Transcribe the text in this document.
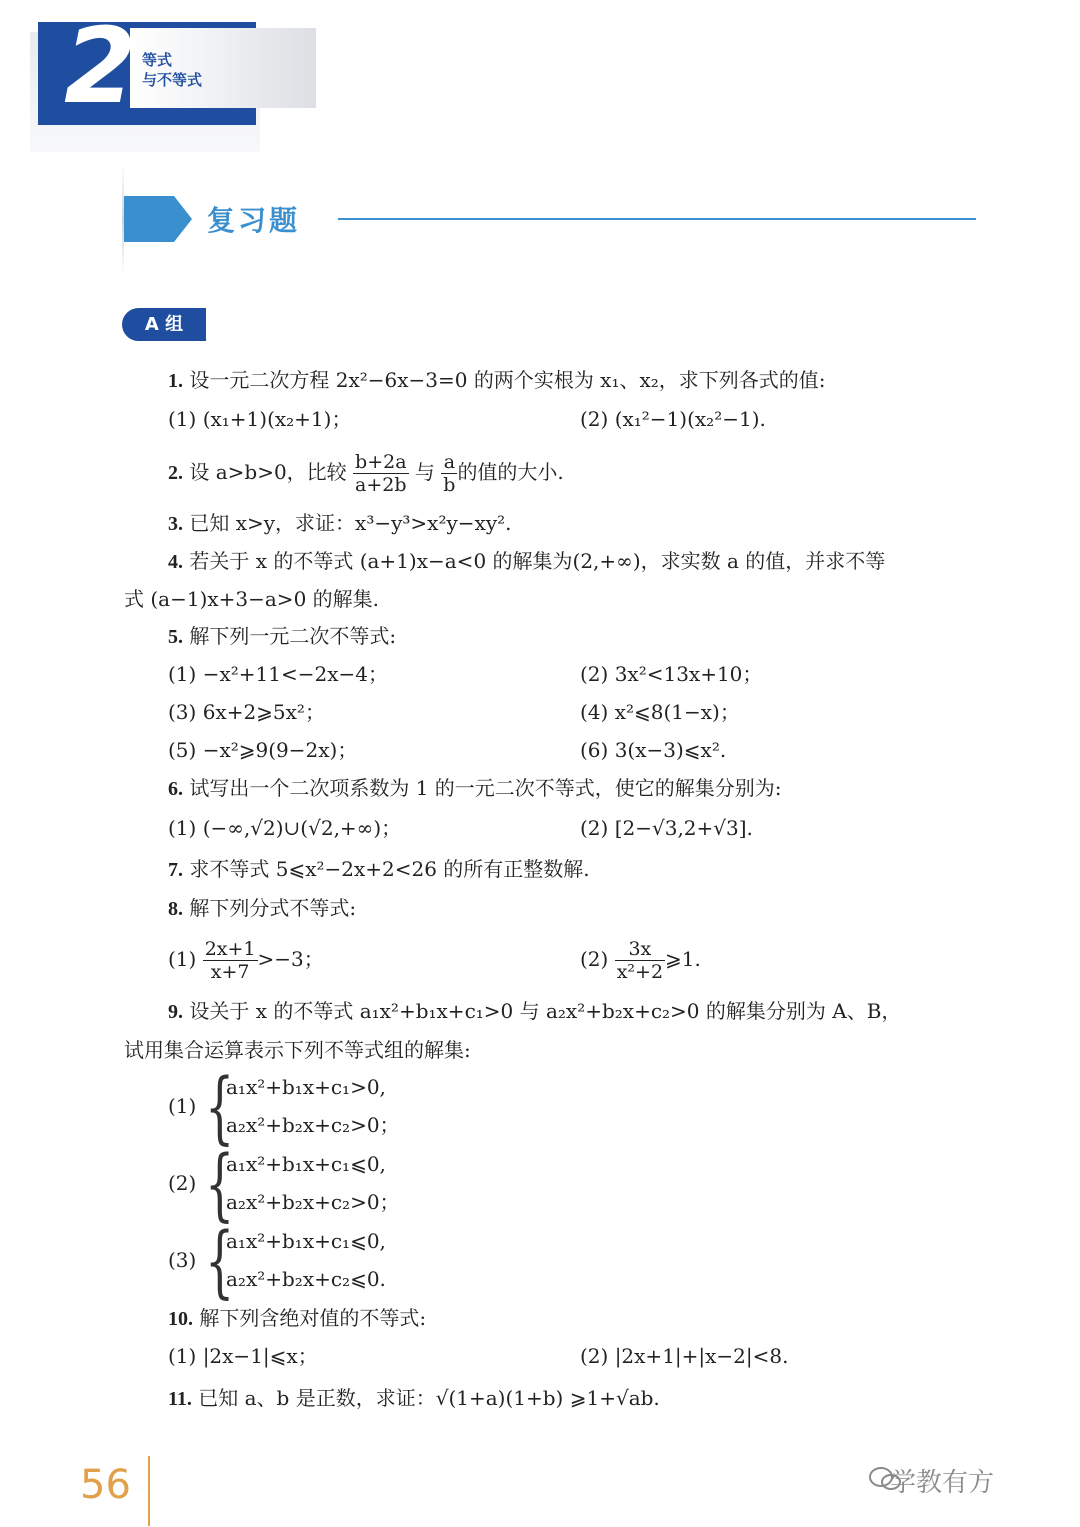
2 等式
与不等式
复习题
A 组
1. 设一元二次方程 2x²−6x−3=0 的两个实根为 x₁、x₂，求下列各式的值:
(1) (x₁+1)(x₂+1)；	(2) (x₁²−1)(x₂²−1).
2. 设 a>b>0，比较 $\frac{b+2a}{a+2b}$ 与 $\frac{a}{b}$ 的值的大小.
3. 已知 x>y，求证：x³−y³>x²y−xy².
4. 若关于 x 的不等式 (a+1)x−a<0 的解集为(2,+∞)，求实数 a 的值，并求不等
式 (a−1)x+3−a>0 的解集.
5. 解下列一元二次不等式:
(1) −x²+11<−2x−4；	(2) 3x²<13x+10；
(3) 6x+2⩾5x²；	(4) x²⩽8(1−x)；
(5) −x²⩾9(9−2x)；	(6) 3(x−3)⩽x².
6. 试写出一个二次项系数为 1 的一元二次不等式，使它的解集分别为:
(1) (−∞,√2)∪(√2,+∞)；	(2) [2−√3,2+√3].
7. 求不等式 5⩽x²−2x+2<26 的所有正整数解.
8. 解下列分式不等式:
$(1) \frac{2x+1}{x+7} >-3$；	$(2) \frac{3x}{\text{x²+2}}$ ⩾1.
9. 设关于 x 的不等式 a₁x²+b₁x+c₁>0 与 a₂x²+b₂x+c₂>0 的解集分别为 A、B，
试用集合运算表示下列不等式组的解集:
(1) {
a₁x²+b₁x+c₁>0,
a₂x²+b₂x+c₂>0；
(2) {
a₁x²+b₁x+c₁⩽0,
a₂x²+b₂x+c₂>0；
(3) {
a₁x²+b₁x+c₁⩽0,
a₂x²+b₂x+c₂⩽0.
10. 解下列含绝对值的不等式:
(1) |2x−1|⩽x；	(2) |2x+1|+|x−2|<8.
11. 已知 a、b 是正数，求证：√(1+a)(1+b) ⩾1+√ab.
56	学教有方
